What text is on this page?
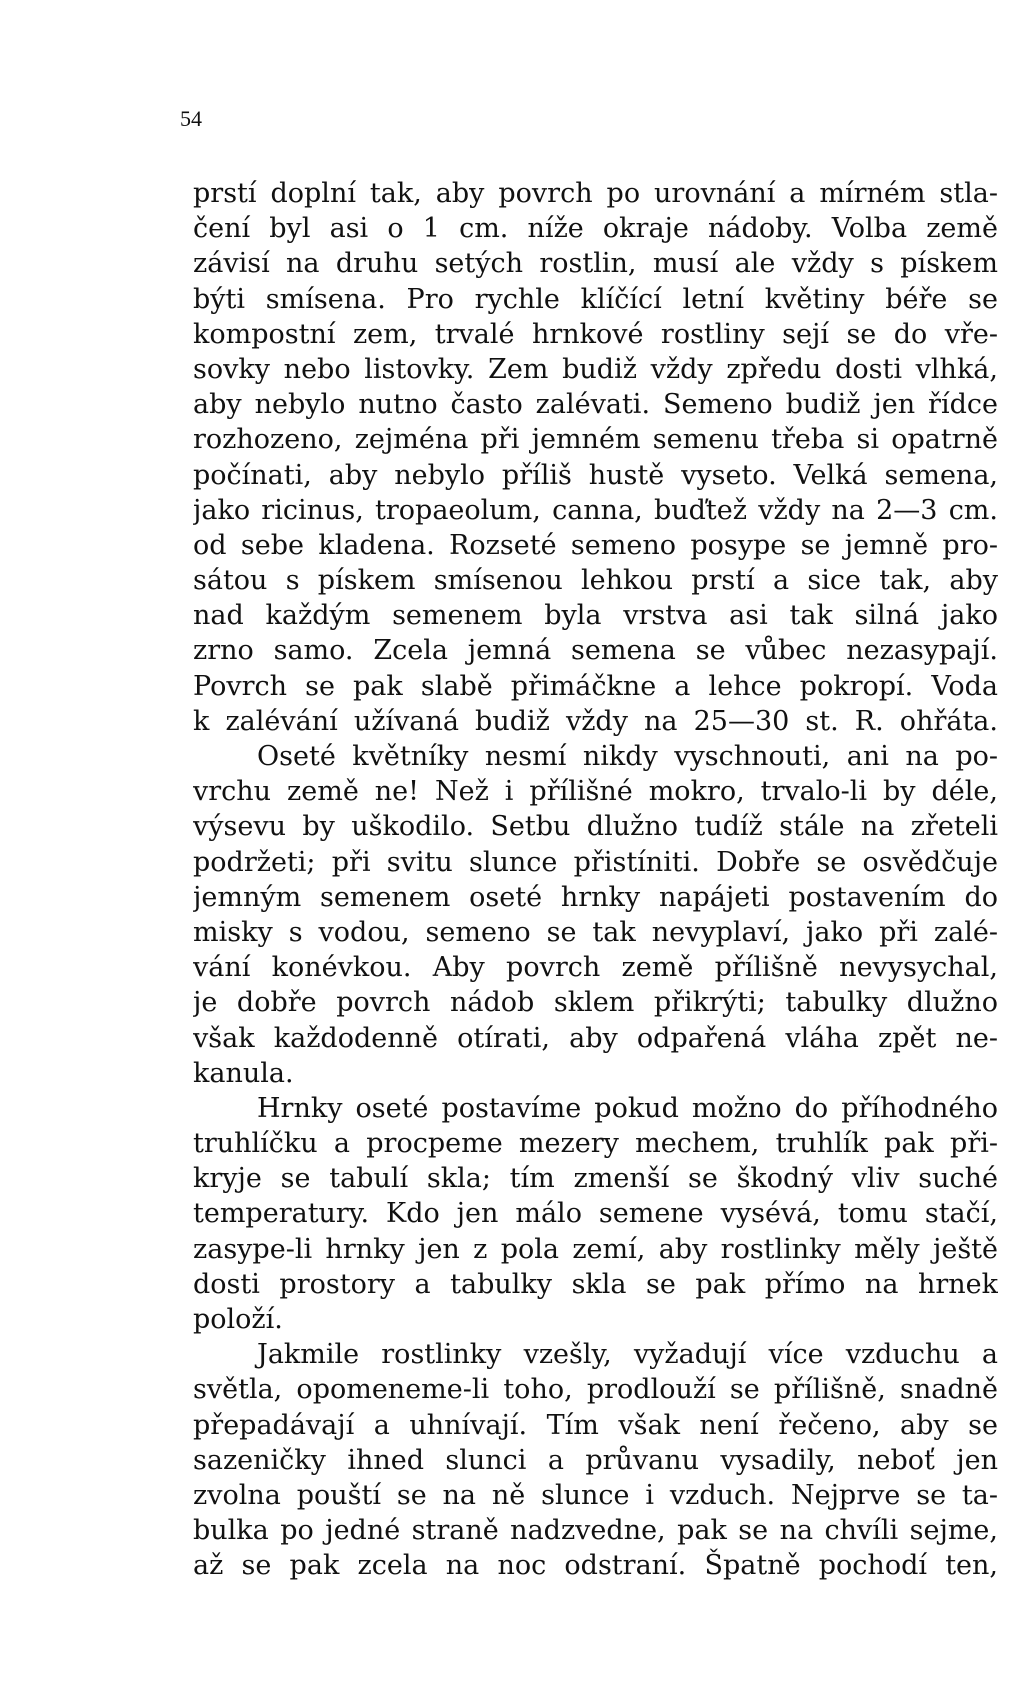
54
prstí doplní tak, aby povrch po urovnání a mírném stla-
čení byl asi o 1 cm. níže okraje nádoby. Volba země
závisí na druhu setých rostlin, musí ale vždy s pískem
býti smísena. Pro rychle klíčící letní květiny béře se
kompostní zem, trvalé hrnkové rostliny sejí se do vře-
sovky nebo listovky. Zem budiž vždy zpředu dosti vlhká,
aby nebylo nutno často zalévati. Semeno budiž jen řídce
rozhozeno, zejména při jemném semenu třeba si opatrně
počínati, aby nebylo příliš hustě vyseto. Velká semena,
jako ricinus, tropaeolum, canna, buďtež vždy na 2—3 cm.
od sebe kladena. Rozseté semeno posype se jemně pro-
sátou s pískem smísenou lehkou prstí a sice tak, aby
nad každým semenem byla vrstva asi tak silná jako
zrno samo. Zcela jemná semena se vůbec nezasypají.
Povrch se pak slabě přimáčkne a lehce pokropí. Voda
k zalévání užívaná budiž vždy na 25—30 st. R. ohřáta.
Oseté květníky nesmí nikdy vyschnouti, ani na po-
vrchu země ne! Než i přílišné mokro, trvalo-li by déle,
výsevu by uškodilo. Setbu dlužno tudíž stále na zřeteli
podržeti; při svitu slunce přistíniti. Dobře se osvědčuje
jemným semenem oseté hrnky napájeti postavením do
misky s vodou, semeno se tak nevyplaví, jako při zalé-
vání konévkou. Aby povrch země přílišně nevysychal,
je dobře povrch nádob sklem přikrýti; tabulky dlužno
však každodenně otírati, aby odpařená vláha zpět ne-
kanula.
Hrnky oseté postavíme pokud možno do příhodného
truhlíčku a procpeme mezery mechem, truhlík pak při-
kryje se tabulí skla; tím zmenší se škodný vliv suché
temperatury. Kdo jen málo semene vysévá, tomu stačí,
zasype-li hrnky jen z pola zemí, aby rostlinky měly ještě
dosti prostory a tabulky skla se pak přímo na hrnek
položí.
Jakmile rostlinky vzešly, vyžadují více vzduchu a
světla, opomeneme-li toho, prodlouží se přílišně, snadně
přepadávají a uhnívají. Tím však není řečeno, aby se
sazeničky ihned slunci a průvanu vysadily, neboť jen
zvolna pouští se na ně slunce i vzduch. Nejprve se ta-
bulka po jedné straně nadzvedne, pak se na chvíli sejme,
až se pak zcela na noc odstraní. Špatně pochodí ten,
